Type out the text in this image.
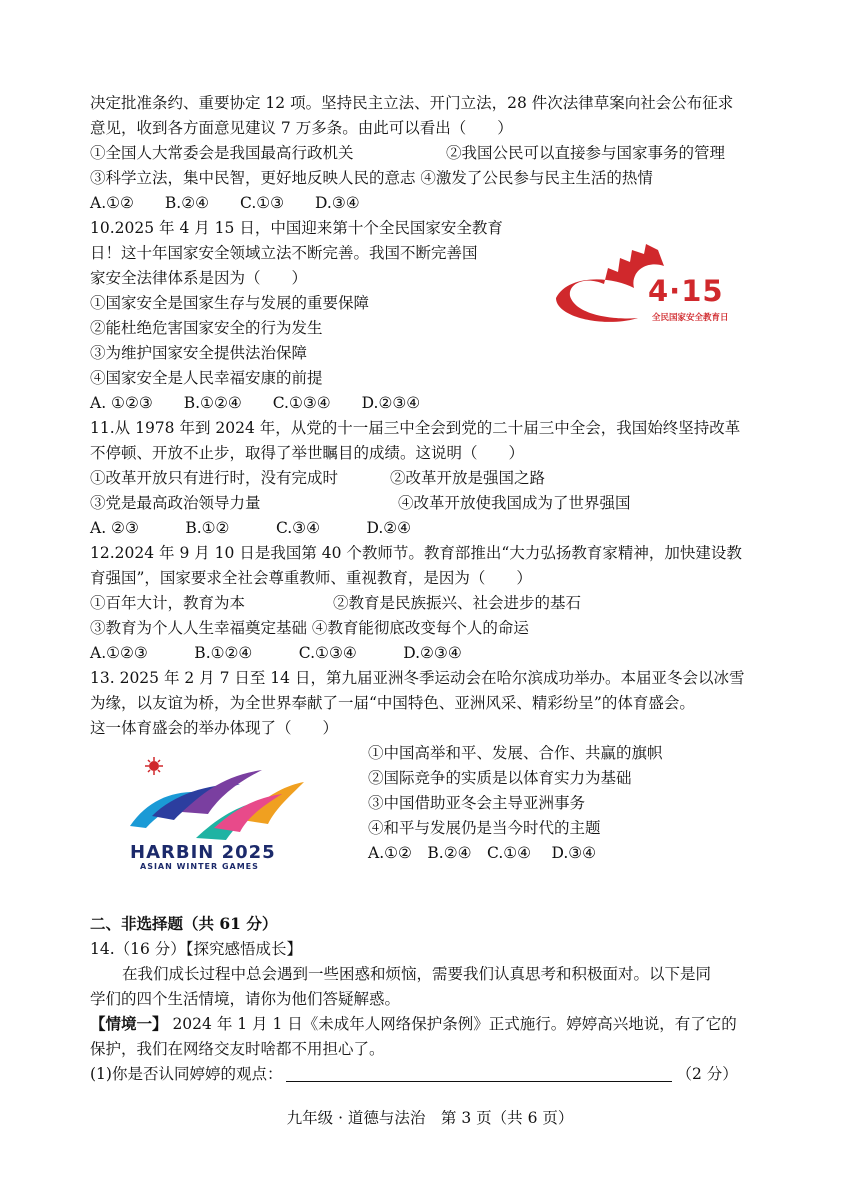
决定批准条约、重要协定 12 项。坚持民主立法、开门立法，28 件次法律草案向社会公布征求
意见，收到各方面意见建议 7 万多条。由此可以看出（　　）
①全国人大常委会是我国最高行政机关	②我国公民可以直接参与国家事务的管理
③科学立法，集中民智，更好地反映人民的意志 ④激发了公民参与民主生活的热情
A.①②　　B.②④　　C.①③　　D.③④
10.2025 年 4 月 15 日，中国迎来第十个全民国家安全教育
日！这十年国家安全领域立法不断完善。我国不断完善国
家安全法律体系是因为（　　）
①国家安全是国家生存与发展的重要保障
②能杜绝危害国家安全的行为发生
③为维护国家安全提供法治保障
④国家安全是人民幸福安康的前提
A. ①②③　　B.①②④　　C.①③④　　D.②③④
4·15
全民国家安全教育日
11.从 1978 年到 2024 年，从党的十一届三中全会到党的二十届三中全会，我国始终坚持改革
不停顿、开放不止步，取得了举世瞩目的成绩。这说明（　　）
①改革开放只有进行时，没有完成时	②改革开放是强国之路
③党是最高政治领导力量	④改革开放使我国成为了世界强国
A. ②③　　　B.①②　　　C.③④　　　D.②④
12.2024 年 9 月 10 日是我国第 40 个教师节。教育部推出“大力弘扬教育家精神，加快建设教
育强国”，国家要求全社会尊重教师、重视教育，是因为（　　）
①百年大计，教育为本	②教育是民族振兴、社会进步的基石
③教育为个人人生幸福奠定基础 ④教育能彻底改变每个人的命运
A.①②③　　　B.①②④　　　C.①③④　　　D.②③④
13. 2025 年 2 月 7 日至 14 日，第九届亚洲冬季运动会在哈尔滨成功举办。本届亚冬会以冰雪
为缘，以友谊为桥，为全世界奉献了一届“中国特色、亚洲风采、精彩纷呈”的体育盛会。
这一体育盛会的举办体现了（　　）
①中国高举和平、发展、合作、共赢的旗帜
②国际竞争的实质是以体育实力为基础
③中国借助亚冬会主导亚洲事务
④和平与发展仍是当今时代的主题
A.①②　B.②④　C.①④　 D.③④
HARBIN 2025
ASIAN WINTER GAMES
二、非选择题（共 61 分）
14.（16 分）【探究感悟成长】
在我们成长过程中总会遇到一些困惑和烦恼，需要我们认真思考和积极面对。以下是同
学们的四个生活情境，请你为他们答疑解惑。
【情境一】 2024 年 1 月 1 日《未成年人网络保护条例》正式施行。婷婷高兴地说，有了它的
保护，我们在网络交友时啥都不用担心了。
(1)你是否认同婷婷的观点：	（2 分）
九年级 · 道德与法治　第 3 页（共 6 页）
